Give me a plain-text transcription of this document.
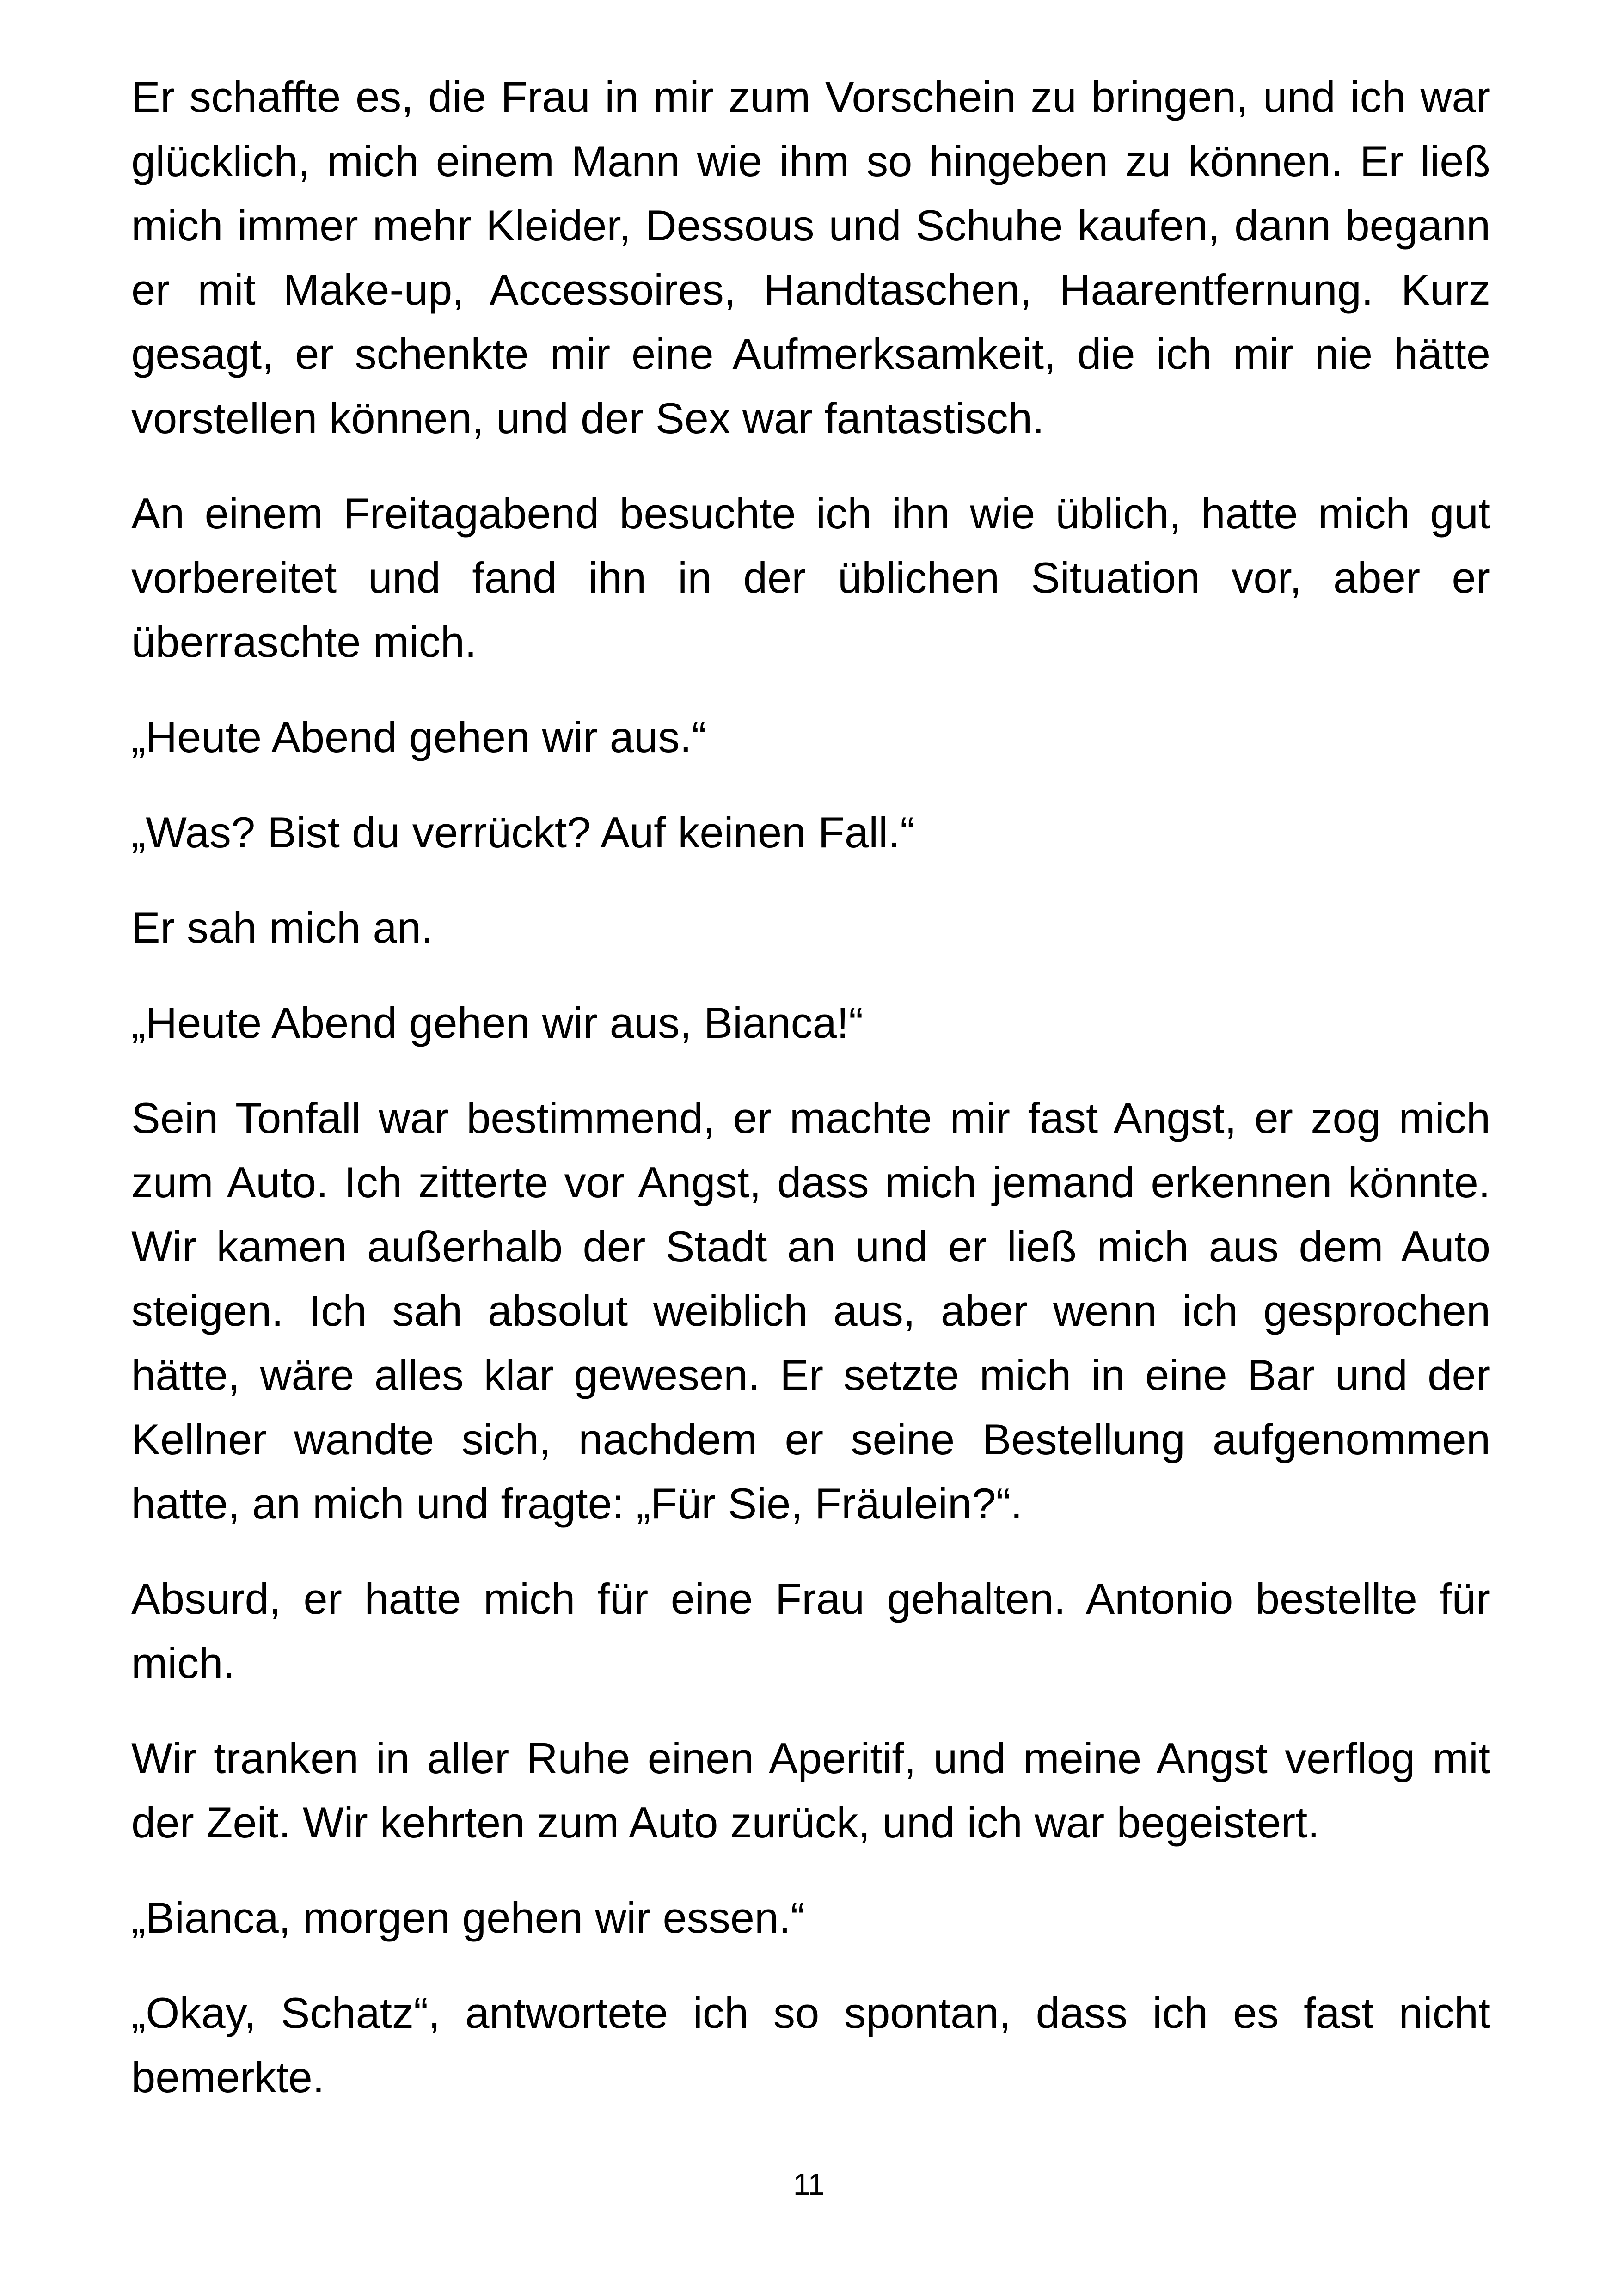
Er schaffte es, die Frau in mir zum Vorschein zu bringen, und ich war glücklich, mich einem Mann wie ihm so hingeben zu können. Er ließ mich immer mehr Kleider, Dessous und Schuhe kaufen, dann begann er mit Make-up, Accessoires, Handtaschen, Haarentfernung. Kurz gesagt, er schenkte mir eine Aufmerksamkeit, die ich mir nie hätte vorstellen können, und der Sex war fantastisch.

An einem Freitagabend besuchte ich ihn wie üblich, hatte mich gut vorbereitet und fand ihn in der üblichen Situation vor, aber er überraschte mich.

„Heute Abend gehen wir aus.“

„Was? Bist du verrückt? Auf keinen Fall.“

Er sah mich an.

„Heute Abend gehen wir aus, Bianca!“

Sein Tonfall war bestimmend, er machte mir fast Angst, er zog mich zum Auto. Ich zitterte vor Angst, dass mich jemand erkennen könnte. Wir kamen außerhalb der Stadt an und er ließ mich aus dem Auto steigen. Ich sah absolut weiblich aus, aber wenn ich gesprochen hätte, wäre alles klar gewesen. Er setzte mich in eine Bar und der Kellner wandte sich, nachdem er seine Bestellung aufgenommen hatte, an mich und fragte: „Für Sie, Fräulein?“.

Absurd, er hatte mich für eine Frau gehalten. Antonio bestellte für mich.

Wir tranken in aller Ruhe einen Aperitif, und meine Angst verflog mit der Zeit. Wir kehrten zum Auto zurück, und ich war begeistert.

„Bianca, morgen gehen wir essen.“

„Okay, Schatz“, antwortete ich so spontan, dass ich es fast nicht bemerkte.

11
